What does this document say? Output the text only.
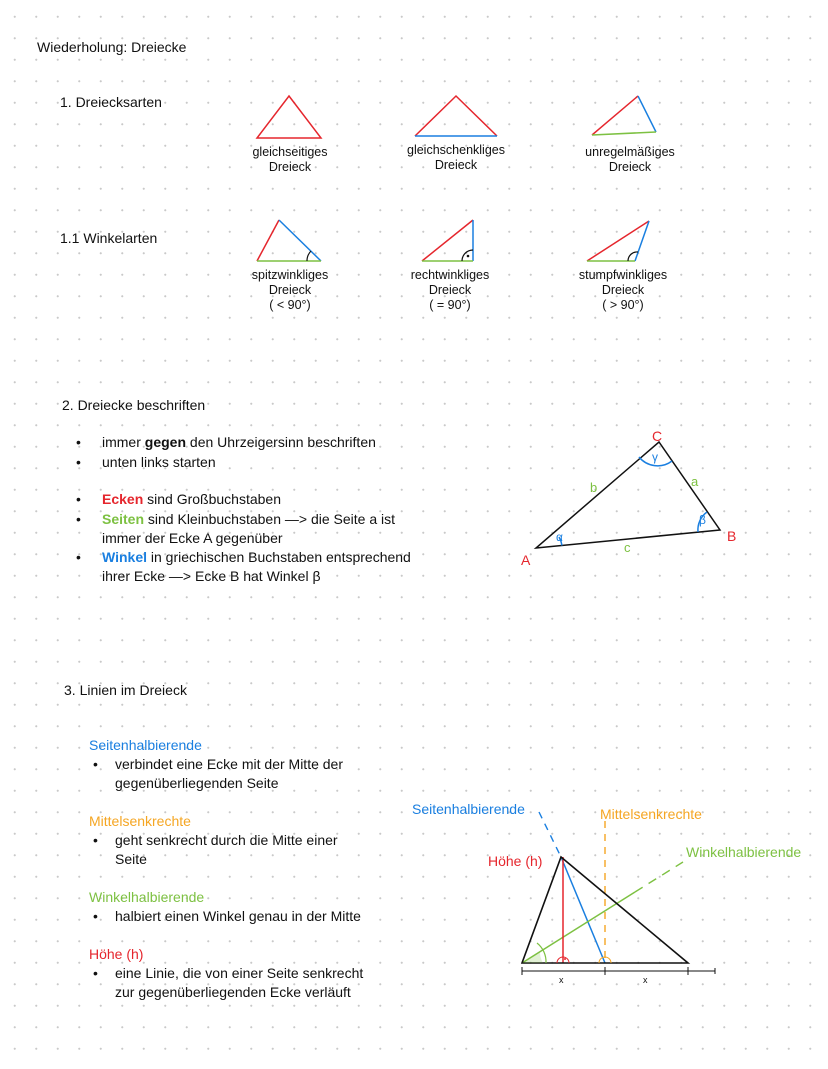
Wiederholung: Dreiecke
1. Dreiecksarten
gleichseitiges
Dreieck
gleichschenkliges
Dreieck
unregelmäßiges
Dreieck
1.1 Winkelarten
spitzwinkliges
Dreieck
( < 90°)
rechtwinkliges
Dreieck
( = 90°)
stumpfwinkliges
Dreieck
( > 90°)
2. Dreiecke beschriften
• immer gegen den Uhrzeigersinn beschriften
• unten links starten
• Ecken sind Großbuchstaben
• Seiten sind Kleinbuchstaben —> die Seite a ist
immer der Ecke A gegenüber
• Winkel in griechischen Buchstaben entsprechend
ihrer Ecke —> Ecke B hat Winkel β
C
B
A
b	a
c
α
β
γ
3. Linien im Dreieck
Seitenhalbierende
• verbindet eine Ecke mit der Mitte der
gegenüberliegenden Seite
Mittelsenkrechte
• geht senkrecht durch die Mitte einer
Seite
Winkelhalbierende
• halbiert einen Winkel genau in der Mitte
Höhe (h)
• eine Linie, die von einer Seite senkrecht
zur gegenüberliegenden Ecke verläuft
x	x
Seitenhalbierende	Mittelsenkrechte
Winkelhalbierende
Höhe (h)
